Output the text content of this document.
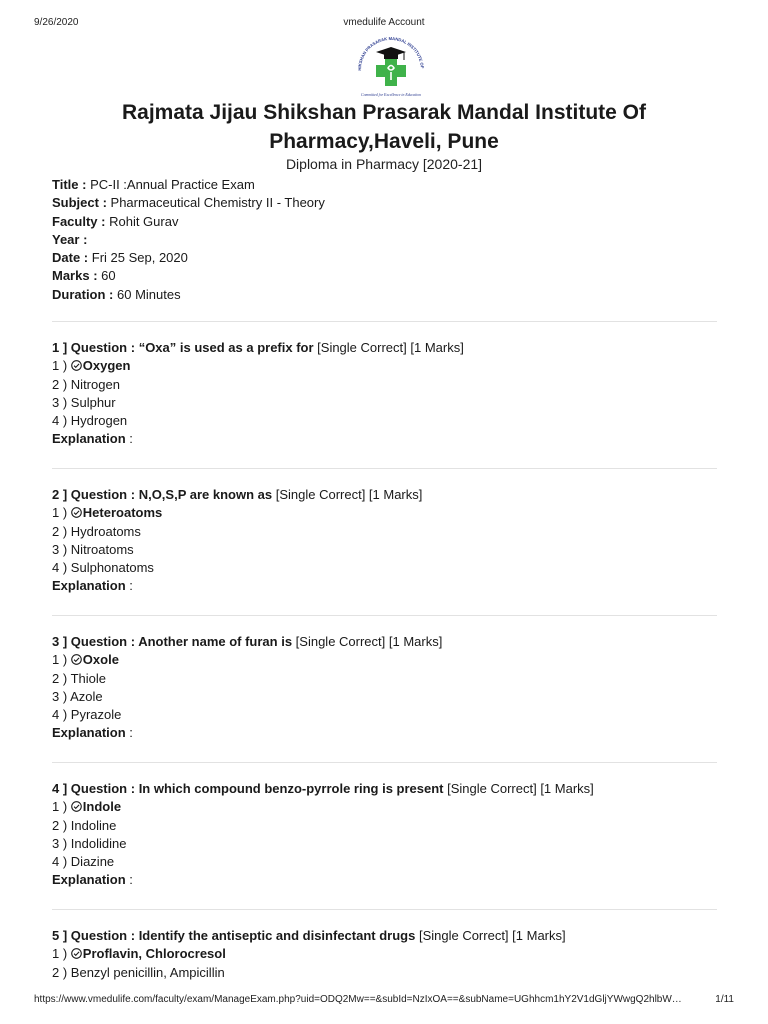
9/26/2020	vmedulife Account
HIKSHAN PRASARAK MANDAL INSTITUTE OF
Committed for Excellence in Education
Rajmata Jijau Shikshan Prasarak Mandal Institute Of Pharmacy,Haveli, Pune
Diploma in Pharmacy [2020-21]
Title : PC-II :Annual Practice Exam
Subject : Pharmaceutical Chemistry II - Theory
Faculty : Rohit Gurav
Year :
Date : Fri 25 Sep, 2020
Marks : 60
Duration : 60 Minutes
1 ] Question : “Oxa” is used as a prefix for [Single Correct] [1 Marks]
1 )
Oxygen
2 ) Nitrogen
3 ) Sulphur
4 ) Hydrogen
Explanation :
2 ] Question : N,O,S,P are known as [Single Correct] [1 Marks]
1 )
Heteroatoms
2 ) Hydroatoms
3 ) Nitroatoms
4 ) Sulphonatoms
Explanation :
3 ] Question : Another name of furan is [Single Correct] [1 Marks]
1 )
Oxole
2 ) Thiole
3 ) Azole
4 ) Pyrazole
Explanation :
4 ] Question : In which compound benzo-pyrrole ring is present [Single Correct] [1 Marks]
1 )
Indole
2 ) Indoline
3 ) Indolidine
4 ) Diazine
Explanation :
5 ] Question : Identify the antiseptic and disinfectant drugs [Single Correct] [1 Marks]
1 )
Proflavin, Chlorocresol
2 ) Benzyl penicillin, Ampicillin
https://www.vmedulife.com/faculty/exam/ManageExam.php?uid=ODQ2Mw==&subId=NzIxOA==&subName=UGhhcm1hY2V1dGljYWwgQ2hlbW…	1/11
